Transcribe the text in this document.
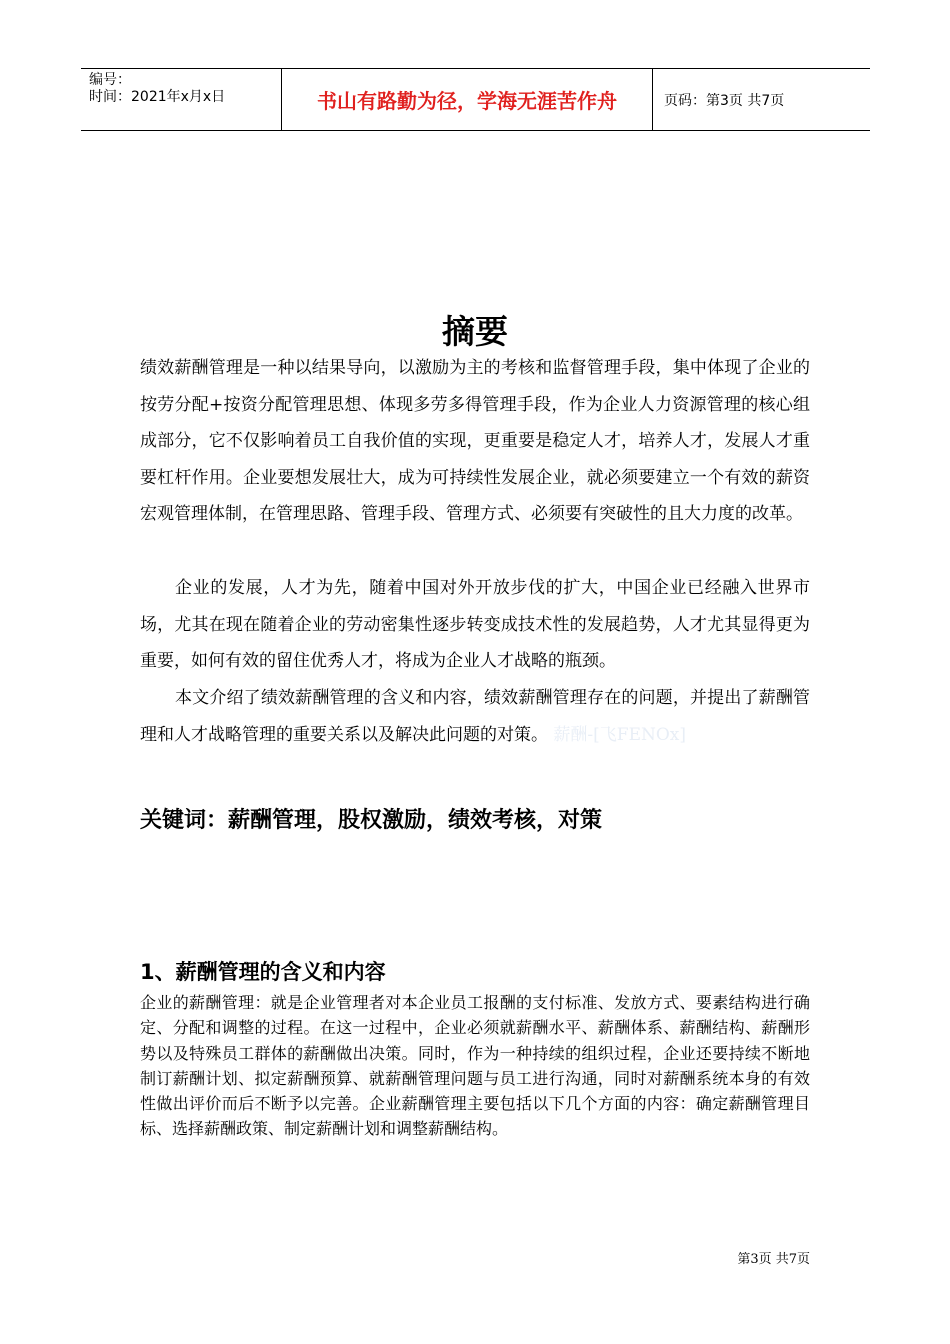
编号：
时间：2021年x月x日	书山有路勤为径，学海无涯苦作舟	页码：第3页 共7页
摘要
绩效薪酬管理是一种以结果导向，以激励为主的考核和监督管理手段，集中体现了企业的按劳分配+按资分配管理思想、体现多劳多得管理手段，作为企业人力资源管理的核心组成部分，它不仅影响着员工自我价值的实现，更重要是稳定人才，培养人才，发展人才重要杠杆作用。企业要想发展壮大，成为可持续性发展企业，就必须要建立一个有效的薪资宏观管理体制，在管理思路、管理手段、管理方式、必须要有突破性的且大力度的改革。
企业的发展，人才为先，随着中国对外开放步伐的扩大，中国企业已经融入世界市场，尤其在现在随着企业的劳动密集性逐步转变成技术性的发展趋势，人才尤其显得更为重要，如何有效的留住优秀人才，将成为企业人才战略的瓶颈。
本文介绍了绩效薪酬管理的含义和内容，绩效薪酬管理存在的问题，并提出了薪酬管理和人才战略管理的重要关系以及解决此问题的对策。 薪酬-[飞FENOx]
关键词：薪酬管理，股权激励，绩效考核，对策
1、薪酬管理的含义和内容
企业的薪酬管理：就是企业管理者对本企业员工报酬的支付标准、发放方式、要素结构进行确定、分配和调整的过程。在这一过程中，企业必须就薪酬水平、薪酬体系、薪酬结构、薪酬形势以及特殊员工群体的薪酬做出决策。同时，作为一种持续的组织过程，企业还要持续不断地制订薪酬计划、拟定薪酬预算、就薪酬管理问题与员工进行沟通，同时对薪酬系统本身的有效性做出评价而后不断予以完善。企业薪酬管理主要包括以下几个方面的内容：确定薪酬管理目标、选择薪酬政策、制定薪酬计划和调整薪酬结构。
第3页 共7页
